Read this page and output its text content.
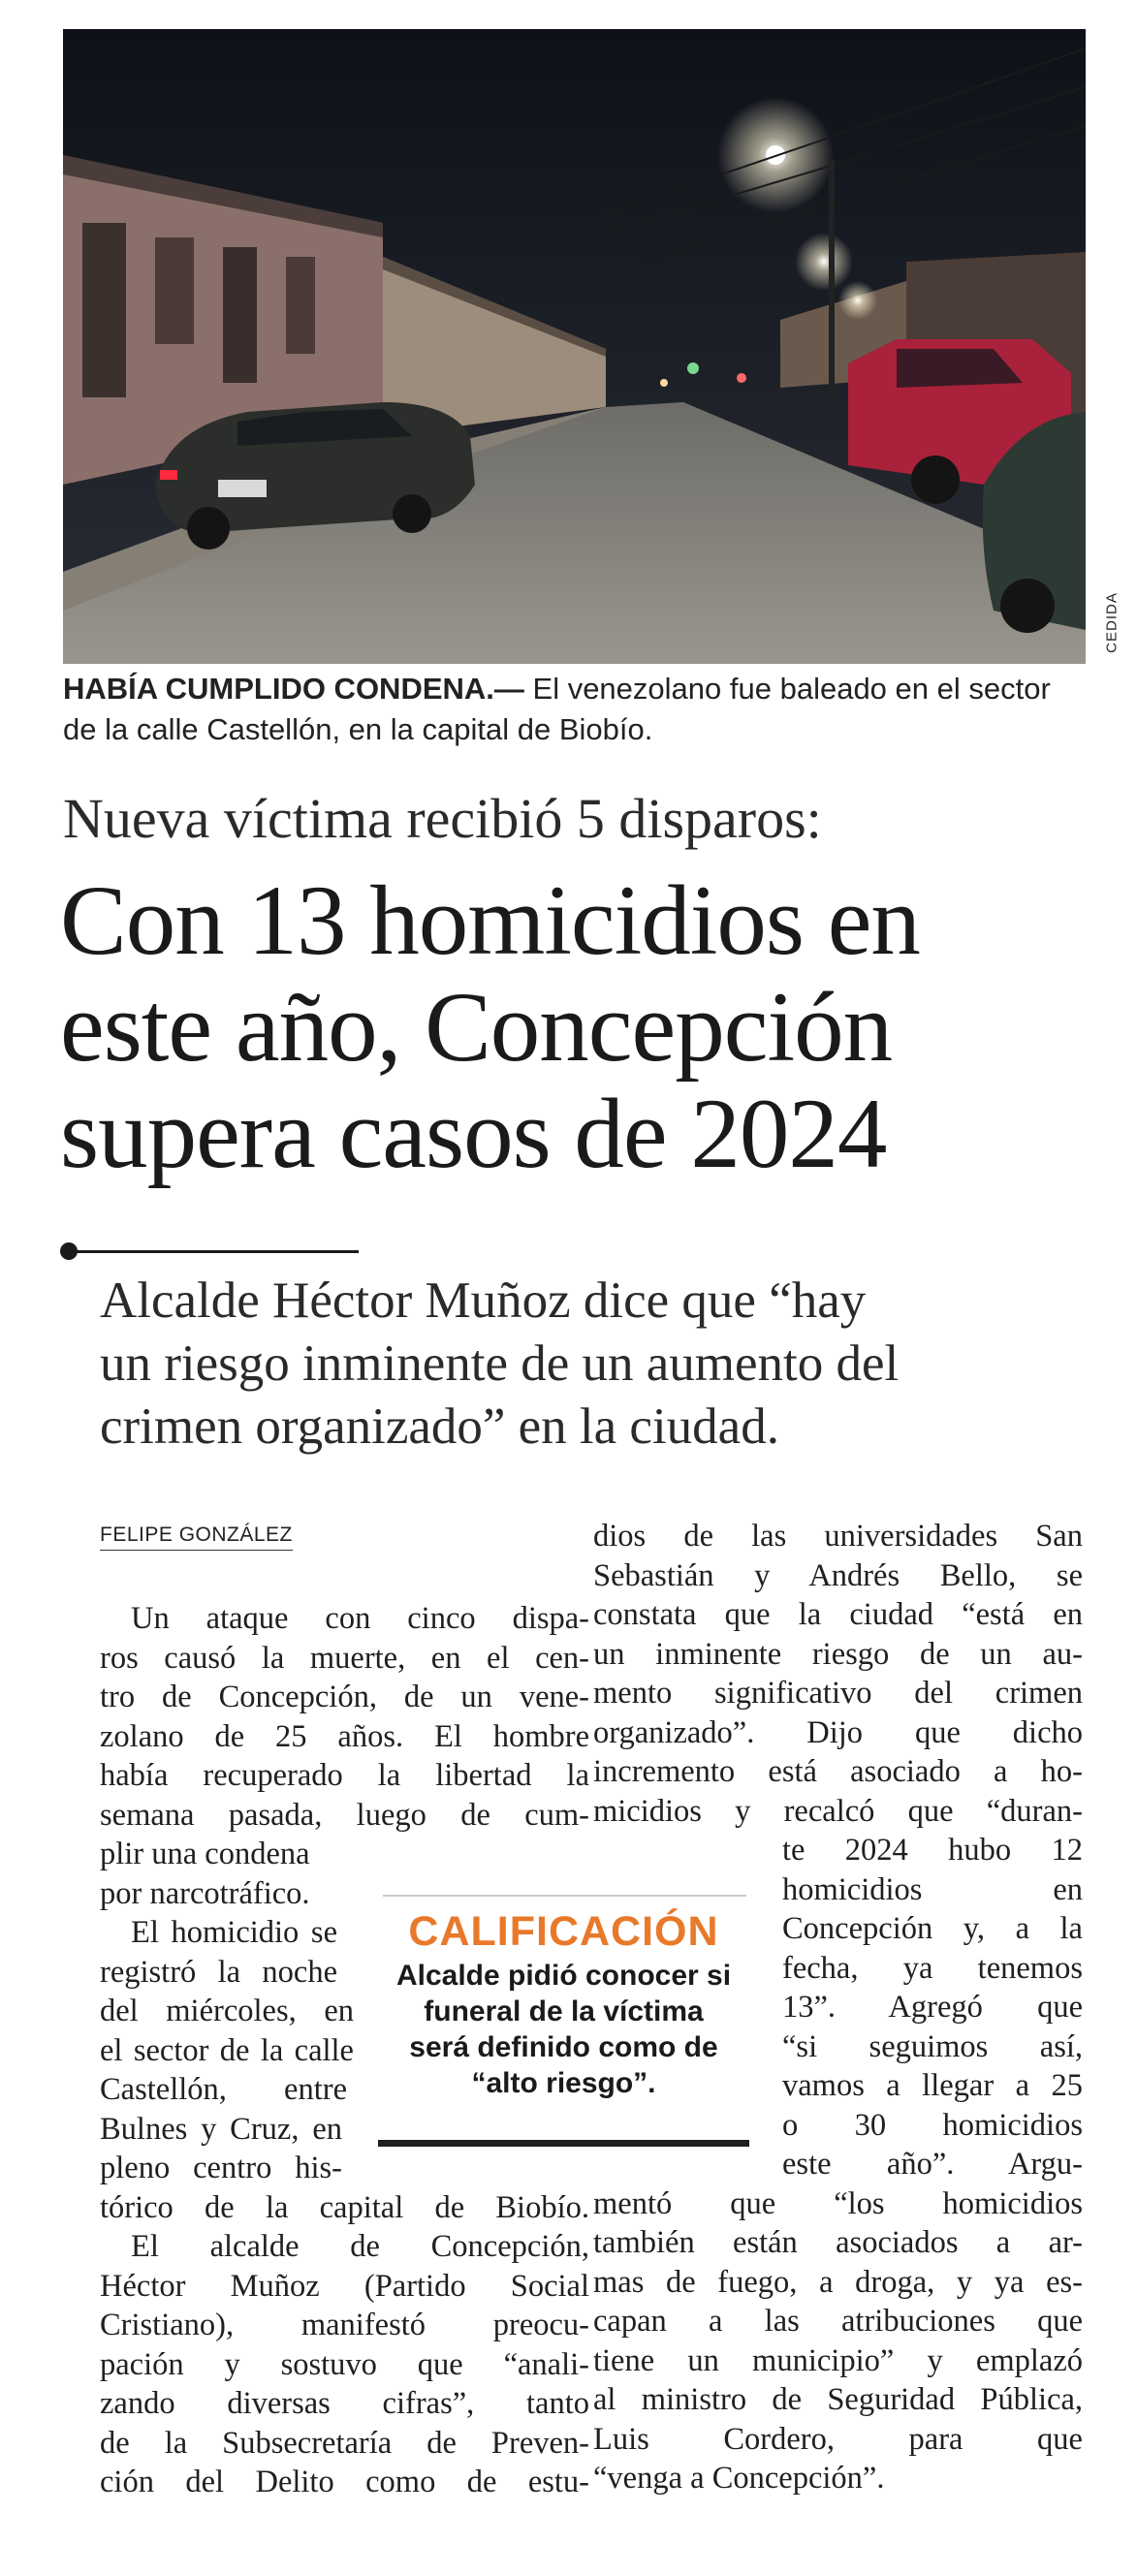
CEDIDA
HABÍA CUMPLIDO CONDENA.— El venezolano fue baleado en el sector de la calle Castellón, en la capital de Biobío.
Nueva víctima recibió 5 disparos:
Con 13 homicidios en
este año, Concepción
supera casos de 2024
Alcalde Héctor Muñoz dice que “hay
un riesgo inminente de un aumento del
crimen organizado” en la ciudad.
FELIPE GONZÁLEZ
Un ataque con cinco dispa-
ros causó la muerte, en el cen-
tro de Concepción, de un vene-
zolano de 25 años. El hombre
había recuperado la libertad la
semana pasada, luego de cum-
plir una condena
por narcotráfico.
El homicidio se
registró la noche
del miércoles, en
el sector de la calle
Castellón, entre
Bulnes y Cruz, en
pleno centro his-
tórico de la capital de Biobío.
El alcalde de Concepción,
Héctor Muñoz (Partido Social
Cristiano), manifestó preocu-
pación y sostuvo que “anali-
zando diversas cifras”, tanto
de la Subsecretaría de Preven-
ción del Delito como de estu-
dios de las universidades San
Sebastián y Andrés Bello, se
constata que la ciudad “está en
un inminente riesgo de un au-
mento significativo del crimen
organizado”. Dijo que dicho
incremento está asociado a ho-
micidios y recalcó que “duran-
te 2024 hubo 12
homicidios en
Concepción y, a la
fecha, ya tenemos
13”. Agregó que
“si seguimos así,
vamos a llegar a 25
o 30 homicidios
este año”. Argu-
mentó que “los homicidios
también están asociados a ar-
mas de fuego, a droga, y ya es-
capan a las atribuciones que
tiene un municipio” y emplazó
al ministro de Seguridad Pública,
Luis Cordero, para que
“venga a Concepción”.
CALIFICACIÓN
Alcalde pidió conocer si
funeral de la víctima
será definido como de
“alto riesgo”.
